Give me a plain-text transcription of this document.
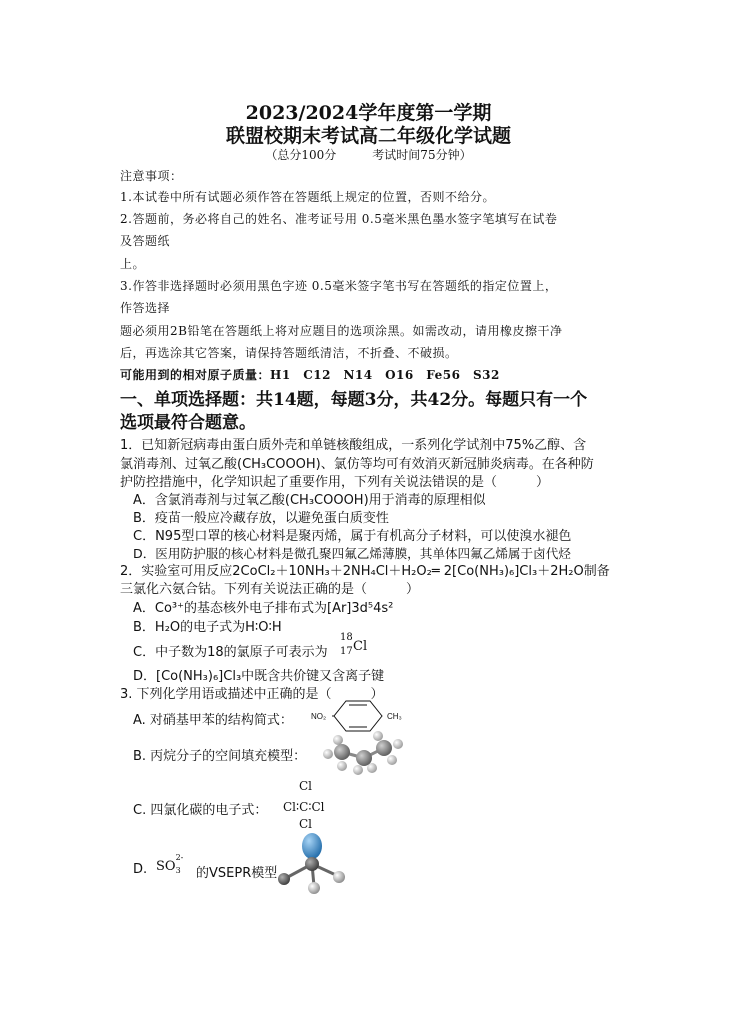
2023/2024学年度第一学期
联盟校期末考试高二年级化学试题
（总分100分　　　考试时间75分钟）
注意事项：
1.本试卷中所有试题必须作答在答题纸上规定的位置，否则不给分。
2.答题前，务必将自己的姓名、准考证号用 0.5毫米黑色墨水签字笔填写在试卷
及答题纸
上。
3.作答非选择题时必须用黑色字迹 0.5毫米签字笔书写在答题纸的指定位置上，
作答选择
题必须用2B铅笔在答题纸上将对应题目的选项涂黑。如需改动，请用橡皮擦干净
后，再选涂其它答案，请保持答题纸清洁，不折叠、不破损。
可能用到的相对原子质量：H1　C12　N14　O16　Fe56　S32
一、单项选择题：共14题，每题3分，共42分。每题只有一个
选项最符合题意。
1．已知新冠病毒由蛋白质外壳和单链核酸组成，一系列化学试剂中75%乙醇、含
氯消毒剂、过氧乙酸(CH₃COOOH)、氯仿等均可有效消灭新冠肺炎病毒。在各种防
护防控措施中，化学知识起了重要作用，下列有关说法错误的是（　　　）
A．含氯消毒剂与过氧乙酸(CH₃COOOH)用于消毒的原理相似
B．疫苗一般应冷藏存放，以避免蛋白质变性
C．N95型口罩的核心材料是聚丙烯，属于有机高分子材料，可以使溴水褪色
D．医用防护服的核心材料是微孔聚四氟乙烯薄膜，其单体四氟乙烯属于卤代烃
2．实验室可用反应2CoCl₂＋10NH₃＋2NH₄Cl＋H₂O₂═ 2[Co(NH₃)₆]Cl₃＋2H₂O制备
三氯化六氨合钴。下列有关说法正确的是（　　　）
A．Co³⁺的基态核外电子排布式为[Ar]3d⁵4s²
B．H₂O的电子式为H∶O∶H
C．中子数为18的氯原子可表示为
18
17 Cl
D．[Co(NH₃)₆]Cl₃中既含共价键又含离子键
3. 下列化学用语或描述中正确的是（　　　）
A. 对硝基甲苯的结构简式： NO₂	CH₃
B. 丙烷分子的空间填充模型：
C. 四氯化碳的电子式：
Cl
Cl∶C∶Cl
Cl
D. SO
2-
3 的VSEPR模型
